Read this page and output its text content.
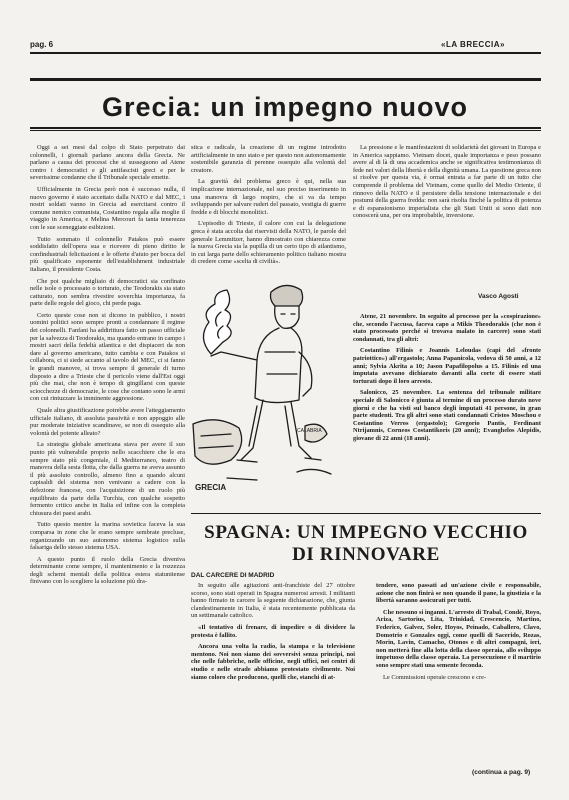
pag. 6	«LA BRECCIA»
Grecia: un impegno nuovo

Oggi a sei mesi dal colpo di Stato perpetrato dai colonnelli, i giornali parlano ancora della Grecia. Ne parlano a causa dei processi che si susseguono ad Atene contro i democratici e gli antifascisti greci e per le severissime condanne che il Tribunale speciale emette.

Ufficialmente in Grecia però non è successo nulla, il nuovo governo è stato accettato dalla NATO e dal MEC, i nostri soldati vanno in Grecia ad esercitarsi contro il comune nemico comunista, Costantino regala alla moglie il viaggio in America, e Melina Mercouri fa tanta tenerezza con le sue sceneggiate esibizioni.

Tutto sommato il colonnello Patakos può essere soddisfatto dell'opera sua e ricevere di pieno diritto le confindustriali felicitazioni e le offerte d'aiuto per bocca del più qualificato esponente dell'establishment industriale italiano, il presidente Costa.

Che poi qualche migliaio di democratici sia confinato nelle isole o processato o torturato, che Teodorakis sia stato catturato, non sembra rivestire soverchia importanza, fa parte delle regole del gioco, chi perde paga.

Certo queste cose non si dicono in pubblico, i nostri uomini politici sono sempre pronti a condannare il regime dei colonnelli. Fanfani ha addirittura fatto un passo ufficiale per la salvezza di Teodorakis, ma quando entrano in campo i mostri sacri della fedeltà atlantica e dei dispiaceri da non dare al governo americano, tutto cambia e con Patakos si collabora, ci si siede accanto al tavolo del MEC, ci si fanno le grandi manovre, si trova sempre il generale di turno disposto a dire a Trieste che il pericolo viene dall'Est oggi più che mai, che non è tempo di gingillarsi con queste sciocchezze di democrazie, le cose che contano sono le armi con cui rintuzzare la imminente aggressione.

Quale altra giustificazione potrebbe avere l'atteggiamento ufficiale italiano, di assoluta passività e non appoggio alle pur moderate iniziative scandinave, se non di ossequio alla volontà del potente alleato?

La strategia globale americana stava per avere il suo punto più vulnerabile proprio nello scacchiere che le era sempre stato più congeniale, il Mediterraneo, teatro di manovra della sesta flotta, che dalla guerra ne aveva assunto il più assoluto controllo, almeno fino a quando alcuni capisaldi del sistema non venivano a cadere con la defezione francese, con l'acquisizione di un ruolo più equilibrato da parte della Turchia, con qualche sospetto fermento critico anche in Italia ed infine con la completa chiusura dei paesi arabi.

Tutto questo mentre la marina sovietica faceva la sua comparsa in zone che le erano sempre sembrate precluse, organizzando un suo autonomo sistema logistico sulla falsariga dello stesso sistema USA.

A questo punto il ruolo della Grecia diveniva determinante come sempre, il mantenimento e la rozzezza degli schemi mentali della politica estera statunitense finivano con lo scegliere la soluzione più dra-

stica e radicale, la creazione di un regime introdotto artificialmente in uno stato e per questo non autonomamente sostenibile garanzia di perenne ossequio alla volontà del creatore.

La gravità del problema greco è qui, nella sua implicazione internazionale, nel suo preciso inserimento in una manovra di largo respiro, che si va da tempo sviluppando per salvare ruderi del passato, vestigia di guerre fredde e di blocchi monolitici.

L'episodio di Trieste, il calore con cui la delegazione greca è stata accolta dai riservisti della NATO, le parole del generale Lemmitzer, hanno dimostrato con chiarezza come la nuova Grecia sia la pupilla di un certo tipo di atlantismo, in cui larga parte dello schieramento politico italiano mostra di credere come «scelta di civiltà».

La pressione e le manifestazioni di solidarietà dei giovani in Europa e in America sappiamo. Vietnam docet, quale importanza e peso possano avere al di là di una accademica anche se significativa testimonianza di fede nei valori della libertà e della dignità umana. La questione greca non si risolve per questa via, è ormai entrata a far parte di un tutto che comprende il problema del Vietnam, come quello del Medio Oriente, il rinnovo della NATO e il persistere della tensione internazionale e dei postumi della guerra fredda: non sarà risolta finché la politica di potenza e di espansionismo imperialista che gli Stati Uniti si sono dati non conoscerà una, per ora improbabile, inversione.

Vasco Agosti
GRECIA
CALABRIA

Atene, 21 novembre. In seguito al processo per la «cospirazione» che, secondo l'accusa, faceva capo a Mikis Theodorakis (che non è stato processato perché si trovava malato in carcere) sono stati condannati, tra gli altri:

Costantino Filinis e Joannis Leloudas (capi del «fronte patriottico») all'ergastolo; Anna Papanicola, vedova di 50 anni, a 12 anni; Sylvia Akrita a 10; Jason Papafilopolus a 15. Filinis ed una imputata avevano dichiarato davanti alla corte di essere stati torturati dopo il loro arresto.

Salonicco, 25 novembre. La sentenza del tribunale militare speciale di Salonicco è giunta al termine di un processo durato nove giorni e che ha visti sul banco degli imputati 41 persone, in gran parte studenti. Tra gli altri sono stati condannati Cristos Moschou e Costantino Verros (ergastolo); Gregorio Pantis, Ferdinant Ntrijamnis, Corneos Costantikoris (20 anni); Evanghelos Alepidis, giovane di 22 anni (18 anni).

SPAGNA: UN IMPEGNO VECCHIO DI RINNOVARE
DAL CARCERE DI MADRID

In seguito alle agitazioni anti-franchiste del 27 ottobre scorso, sono stati operati in Spagna numerosi arresti. I militanti hanno firmato in carcere la seguente dichiarazione, che, giunta clandestinamente in Italia, è stata recentemente pubblicata da un settimanale cattolico.

«Il tentativo di frenare, di impedire o di dividere la protesta è fallito.

Ancora una volta la radio, la stampa e la televisione mentono. Noi non siamo dei sovversivi senza principi, noi che nelle fabbriche, nelle officine, negli uffici, nei centri di studio e nelle strade abbiamo protestato civilmente. Noi siamo coloro che producono, quelli che, stanchi di at-

tendere, sono passati ad un'azione civile e responsabile, azione che non finirà se non quando il pane, la giustizia e la libertà saranno assicurati per tutti.

Che nessuno si inganni. L'arresto di Trabal, Condé, Royo, Ariza, Sartorius, Lita, Trinidad, Crescencio, Martino, Federico, Galvez, Soler, Hoyos, Peinado, Caballero, Clavo, Domotrio e Gonzales oggi, come quelli di Sacerido, Rozas, Morin, Lavin, Camacho, Otonos e di altri compagni, ieri, non metterà fine alla lotta della classe operaia, allo sviluppo impetuoso della classe operaia. La persecuzione e il martirio sono sempre stati una semente feconda.

Le Commissioni operaie crescono e cre-

(continua a pag. 9)
